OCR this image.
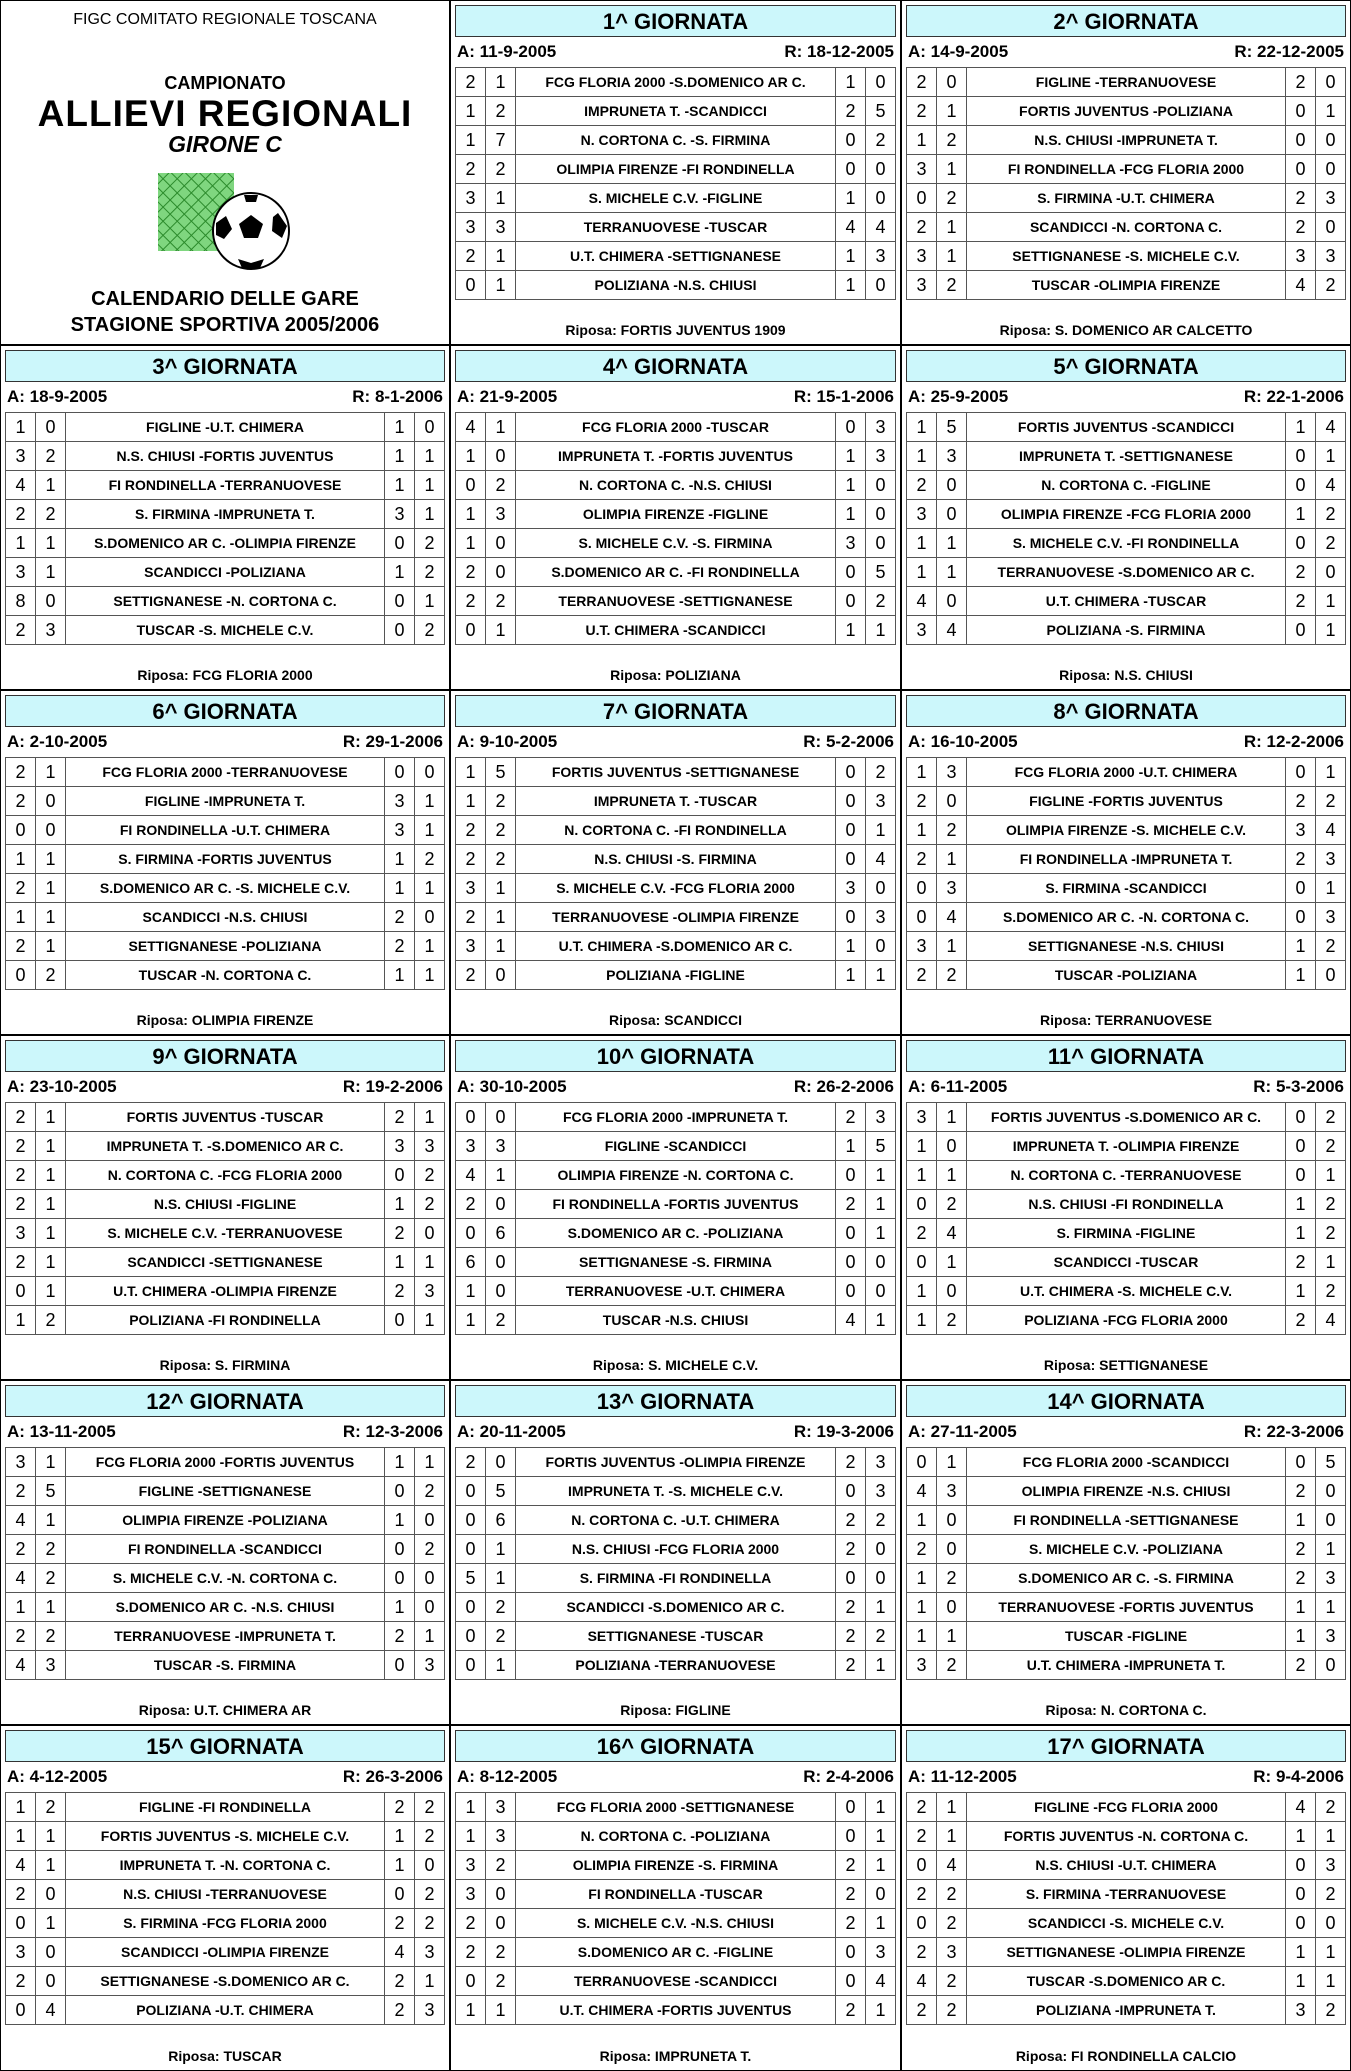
FIGC COMITATO REGIONALE TOSCANA
CAMPIONATO
ALLIEVI REGIONALI
GIRONE C
CALENDARIO DELLE GARE
STAGIONE SPORTIVA 2005/2006
1^ GIORNATA
A: 11-9-2005	R: 18-12-2005
2	1	FCG FLORIA 2000 -S.DOMENICO AR C.	1	0
1	2	IMPRUNETA T. -SCANDICCI	2	5
1	7	N. CORTONA C. -S. FIRMINA	0	2
2	2	OLIMPIA FIRENZE -FI RONDINELLA	0	0
3	1	S. MICHELE C.V. -FIGLINE	1	0
3	3	TERRANUOVESE -TUSCAR	4	4
2	1	U.T. CHIMERA -SETTIGNANESE	1	3
0	1	POLIZIANA -N.S. CHIUSI	1	0
Riposa: FORTIS JUVENTUS 1909
2^ GIORNATA
A: 14-9-2005	R: 22-12-2005
2	0	FIGLINE -TERRANUOVESE	2	0
2	1	FORTIS JUVENTUS -POLIZIANA	0	1
1	2	N.S. CHIUSI -IMPRUNETA T.	0	0
3	1	FI RONDINELLA -FCG FLORIA 2000	0	0
0	2	S. FIRMINA -U.T. CHIMERA	2	3
2	1	SCANDICCI -N. CORTONA C.	2	0
3	1	SETTIGNANESE -S. MICHELE C.V.	3	3
3	2	TUSCAR -OLIMPIA FIRENZE	4	2
Riposa: S. DOMENICO AR CALCETTO
3^ GIORNATA
A: 18-9-2005	R: 8-1-2006
1	0	FIGLINE -U.T. CHIMERA	1	0
3	2	N.S. CHIUSI -FORTIS JUVENTUS	1	1
4	1	FI RONDINELLA -TERRANUOVESE	1	1
2	2	S. FIRMINA -IMPRUNETA T.	3	1
1	1	S.DOMENICO AR C. -OLIMPIA FIRENZE	0	2
3	1	SCANDICCI -POLIZIANA	1	2
8	0	SETTIGNANESE -N. CORTONA C.	0	1
2	3	TUSCAR -S. MICHELE C.V.	0	2
Riposa: FCG FLORIA 2000
4^ GIORNATA
A: 21-9-2005	R: 15-1-2006
4	1	FCG FLORIA 2000 -TUSCAR	0	3
1	0	IMPRUNETA T. -FORTIS JUVENTUS	1	3
0	2	N. CORTONA C. -N.S. CHIUSI	1	0
1	3	OLIMPIA FIRENZE -FIGLINE	1	0
1	0	S. MICHELE C.V. -S. FIRMINA	3	0
2	0	S.DOMENICO AR C. -FI RONDINELLA	0	5
2	2	TERRANUOVESE -SETTIGNANESE	0	2
0	1	U.T. CHIMERA -SCANDICCI	1	1
Riposa: POLIZIANA
5^ GIORNATA
A: 25-9-2005	R: 22-1-2006
1	5	FORTIS JUVENTUS -SCANDICCI	1	4
1	3	IMPRUNETA T. -SETTIGNANESE	0	1
2	0	N. CORTONA C. -FIGLINE	0	4
3	0	OLIMPIA FIRENZE -FCG FLORIA 2000	1	2
1	1	S. MICHELE C.V. -FI RONDINELLA	0	2
1	1	TERRANUOVESE -S.DOMENICO AR C.	2	0
4	0	U.T. CHIMERA -TUSCAR	2	1
3	4	POLIZIANA -S. FIRMINA	0	1
Riposa: N.S. CHIUSI
6^ GIORNATA
A: 2-10-2005	R: 29-1-2006
2	1	FCG FLORIA 2000 -TERRANUOVESE	0	0
2	0	FIGLINE -IMPRUNETA T.	3	1
0	0	FI RONDINELLA -U.T. CHIMERA	3	1
1	1	S. FIRMINA -FORTIS JUVENTUS	1	2
2	1	S.DOMENICO AR C. -S. MICHELE C.V.	1	1
1	1	SCANDICCI -N.S. CHIUSI	2	0
2	1	SETTIGNANESE -POLIZIANA	2	1
0	2	TUSCAR -N. CORTONA C.	1	1
Riposa: OLIMPIA FIRENZE
7^ GIORNATA
A: 9-10-2005	R: 5-2-2006
1	5	FORTIS JUVENTUS -SETTIGNANESE	0	2
1	2	IMPRUNETA T. -TUSCAR	0	3
2	2	N. CORTONA C. -FI RONDINELLA	0	1
2	2	N.S. CHIUSI -S. FIRMINA	0	4
3	1	S. MICHELE C.V. -FCG FLORIA 2000	3	0
2	1	TERRANUOVESE -OLIMPIA FIRENZE	0	3
3	1	U.T. CHIMERA -S.DOMENICO AR C.	1	0
2	0	POLIZIANA -FIGLINE	1	1
Riposa: SCANDICCI
8^ GIORNATA
A: 16-10-2005	R: 12-2-2006
1	3	FCG FLORIA 2000 -U.T. CHIMERA	0	1
2	0	FIGLINE -FORTIS JUVENTUS	2	2
1	2	OLIMPIA FIRENZE -S. MICHELE C.V.	3	4
2	1	FI RONDINELLA -IMPRUNETA T.	2	3
0	3	S. FIRMINA -SCANDICCI	0	1
0	4	S.DOMENICO AR C. -N. CORTONA C.	0	3
3	1	SETTIGNANESE -N.S. CHIUSI	1	2
2	2	TUSCAR -POLIZIANA	1	0
Riposa: TERRANUOVESE
9^ GIORNATA
A: 23-10-2005	R: 19-2-2006
2	1	FORTIS JUVENTUS -TUSCAR	2	1
2	1	IMPRUNETA T. -S.DOMENICO AR C.	3	3
2	1	N. CORTONA C. -FCG FLORIA 2000	0	2
2	1	N.S. CHIUSI -FIGLINE	1	2
3	1	S. MICHELE C.V. -TERRANUOVESE	2	0
2	1	SCANDICCI -SETTIGNANESE	1	1
0	1	U.T. CHIMERA -OLIMPIA FIRENZE	2	3
1	2	POLIZIANA -FI RONDINELLA	0	1
Riposa: S. FIRMINA
10^ GIORNATA
A: 30-10-2005	R: 26-2-2006
0	0	FCG FLORIA 2000 -IMPRUNETA T.	2	3
3	3	FIGLINE -SCANDICCI	1	5
4	1	OLIMPIA FIRENZE -N. CORTONA C.	0	1
2	0	FI RONDINELLA -FORTIS JUVENTUS	2	1
0	6	S.DOMENICO AR C. -POLIZIANA	0	1
6	0	SETTIGNANESE -S. FIRMINA	0	0
1	0	TERRANUOVESE -U.T. CHIMERA	0	0
1	2	TUSCAR -N.S. CHIUSI	4	1
Riposa: S. MICHELE C.V.
11^ GIORNATA
A: 6-11-2005	R: 5-3-2006
3	1	FORTIS JUVENTUS -S.DOMENICO AR C.	0	2
1	0	IMPRUNETA T. -OLIMPIA FIRENZE	0	2
1	1	N. CORTONA C. -TERRANUOVESE	0	1
0	2	N.S. CHIUSI -FI RONDINELLA	1	2
2	4	S. FIRMINA -FIGLINE	1	2
0	1	SCANDICCI -TUSCAR	2	1
1	0	U.T. CHIMERA -S. MICHELE C.V.	1	2
1	2	POLIZIANA -FCG FLORIA 2000	2	4
Riposa: SETTIGNANESE
12^ GIORNATA
A: 13-11-2005	R: 12-3-2006
3	1	FCG FLORIA 2000 -FORTIS JUVENTUS	1	1
2	5	FIGLINE -SETTIGNANESE	0	2
4	1	OLIMPIA FIRENZE -POLIZIANA	1	0
2	2	FI RONDINELLA -SCANDICCI	0	2
4	2	S. MICHELE C.V. -N. CORTONA C.	0	0
1	1	S.DOMENICO AR C. -N.S. CHIUSI	1	0
2	2	TERRANUOVESE -IMPRUNETA T.	2	1
4	3	TUSCAR -S. FIRMINA	0	3
Riposa: U.T. CHIMERA AR
13^ GIORNATA
A: 20-11-2005	R: 19-3-2006
2	0	FORTIS JUVENTUS -OLIMPIA FIRENZE	2	3
0	5	IMPRUNETA T. -S. MICHELE C.V.	0	3
0	6	N. CORTONA C. -U.T. CHIMERA	2	2
0	1	N.S. CHIUSI -FCG FLORIA 2000	2	0
5	1	S. FIRMINA -FI RONDINELLA	0	0
0	2	SCANDICCI -S.DOMENICO AR C.	2	1
0	2	SETTIGNANESE -TUSCAR	2	2
0	1	POLIZIANA -TERRANUOVESE	2	1
Riposa: FIGLINE
14^ GIORNATA
A: 27-11-2005	R: 22-3-2006
0	1	FCG FLORIA 2000 -SCANDICCI	0	5
4	3	OLIMPIA FIRENZE -N.S. CHIUSI	2	0
1	0	FI RONDINELLA -SETTIGNANESE	1	0
2	0	S. MICHELE C.V. -POLIZIANA	2	1
1	2	S.DOMENICO AR C. -S. FIRMINA	2	3
1	0	TERRANUOVESE -FORTIS JUVENTUS	1	1
1	1	TUSCAR -FIGLINE	1	3
3	2	U.T. CHIMERA -IMPRUNETA T.	2	0
Riposa: N. CORTONA C.
15^ GIORNATA
A: 4-12-2005	R: 26-3-2006
1	2	FIGLINE -FI RONDINELLA	2	2
1	1	FORTIS JUVENTUS -S. MICHELE C.V.	1	2
4	1	IMPRUNETA T. -N. CORTONA C.	1	0
2	0	N.S. CHIUSI -TERRANUOVESE	0	2
0	1	S. FIRMINA -FCG FLORIA 2000	2	2
3	0	SCANDICCI -OLIMPIA FIRENZE	4	3
2	0	SETTIGNANESE -S.DOMENICO AR C.	2	1
0	4	POLIZIANA -U.T. CHIMERA	2	3
Riposa: TUSCAR
16^ GIORNATA
A: 8-12-2005	R: 2-4-2006
1	3	FCG FLORIA 2000 -SETTIGNANESE	0	1
1	3	N. CORTONA C. -POLIZIANA	0	1
3	2	OLIMPIA FIRENZE -S. FIRMINA	2	1
3	0	FI RONDINELLA -TUSCAR	2	0
2	0	S. MICHELE C.V. -N.S. CHIUSI	2	1
2	2	S.DOMENICO AR C. -FIGLINE	0	3
0	2	TERRANUOVESE -SCANDICCI	0	4
1	1	U.T. CHIMERA -FORTIS JUVENTUS	2	1
Riposa: IMPRUNETA T.
17^ GIORNATA
A: 11-12-2005	R: 9-4-2006
2	1	FIGLINE -FCG FLORIA 2000	4	2
2	1	FORTIS JUVENTUS -N. CORTONA C.	1	1
0	4	N.S. CHIUSI -U.T. CHIMERA	0	3
2	2	S. FIRMINA -TERRANUOVESE	0	2
0	2	SCANDICCI -S. MICHELE C.V.	0	0
2	3	SETTIGNANESE -OLIMPIA FIRENZE	1	1
4	2	TUSCAR -S.DOMENICO AR C.	1	1
2	2	POLIZIANA -IMPRUNETA T.	3	2
Riposa: FI RONDINELLA CALCIO
